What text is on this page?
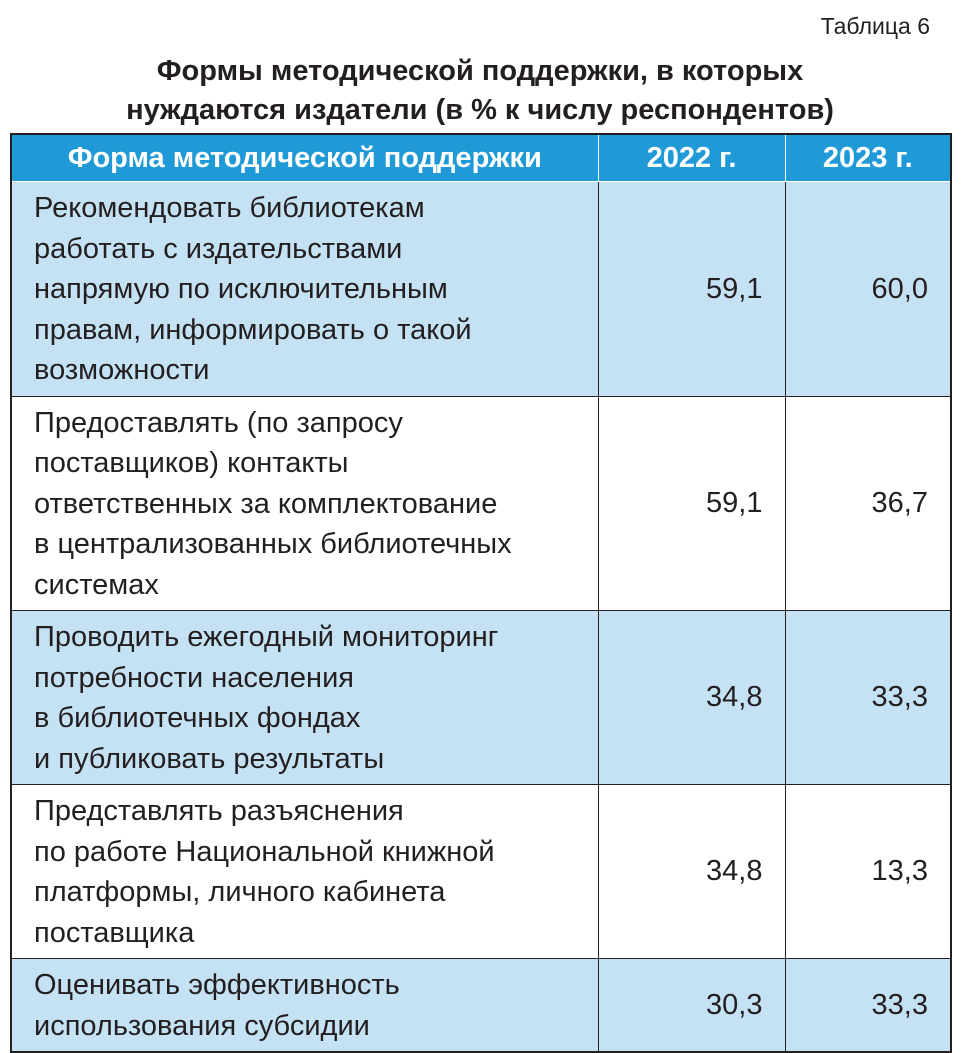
Таблица 6
Формы методической поддержки, в которых
нуждаются издатели (в % к числу респондентов)
Форма методической поддержки	2022 г.	2023 г.

Рекомендовать библиотекам
работать с издательствами
напрямую по исключительным
правам, информировать о такой
возможности	59,1	60,0

Предоставлять (по запросу
поставщиков) контакты
ответственных за комплектование
в централизованных библиотечных
системах	59,1	36,7

Проводить ежегодный мониторинг
потребности населения
в библиотечных фондах
и публиковать результаты	34,8	33,3

Представлять разъяснения
по работе Национальной книжной
платформы, личного кабинета
поставщика	34,8	13,3

Оценивать эффективность
использования субсидии	30,3	33,3
